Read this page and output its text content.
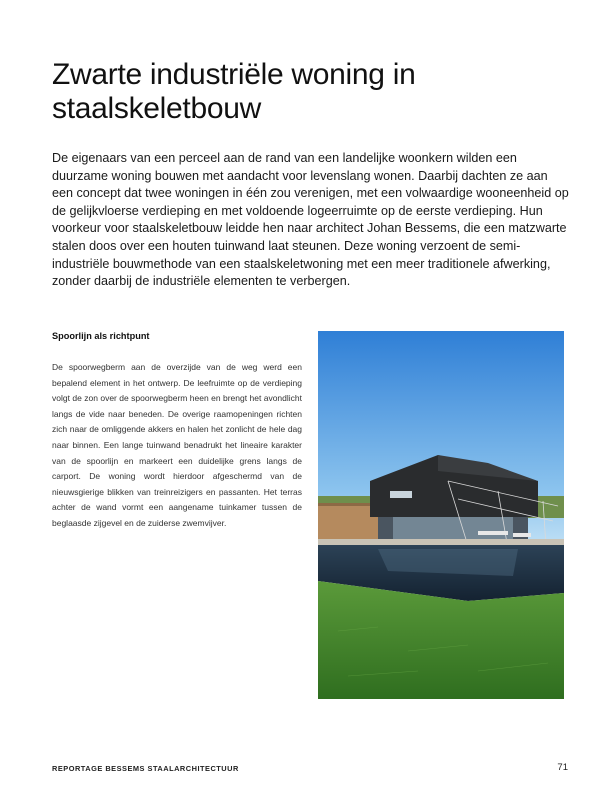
Zwarte industriële woning in staalskeletbouw

De eigenaars van een perceel aan de rand van een landelijke woonkern wilden een duurzame woning bouwen met aandacht voor levenslang wonen. Daarbij dachten ze aan een concept dat twee woningen in één zou verenigen, met een volwaardige wooneenheid op de gelijkvloerse verdieping en met voldoende logeerruimte op de eerste verdieping. Hun voorkeur voor staalskeletbouw leidde hen naar architect Johan Bessems, die een matzwarte stalen doos over een houten tuinwand laat steunen. Deze woning verzoent de semi-industriële bouwmethode van een staalskeletwoning met een meer traditionele afwerking, zonder daarbij de industriële elementen te verbergen.

Spoorlijn als richtpunt

De spoorwegberm aan de overzijde van de weg werd een bepalend element in het ontwerp. De leefruimte op de verdieping volgt de zon over de spoorwegberm heen en brengt het avondlicht langs de vide naar beneden. De overige raamopeningen richten zich naar de omliggende akkers en halen het zonlicht de hele dag naar binnen. Een lange tuinwand benadrukt het lineaire karakter van de spoorlijn en markeert een duidelijke grens langs de carport. De woning wordt hierdoor afgeschermd van de nieuwsgierige blikken van treinreizigers en passanten. Het terras achter de wand vormt een aangename tuinkamer tussen de beglaasde zijgevel en de zuiderse zwemvijver.

REPORTAGE BESSEMS STAALARCHITECTUUR	71
